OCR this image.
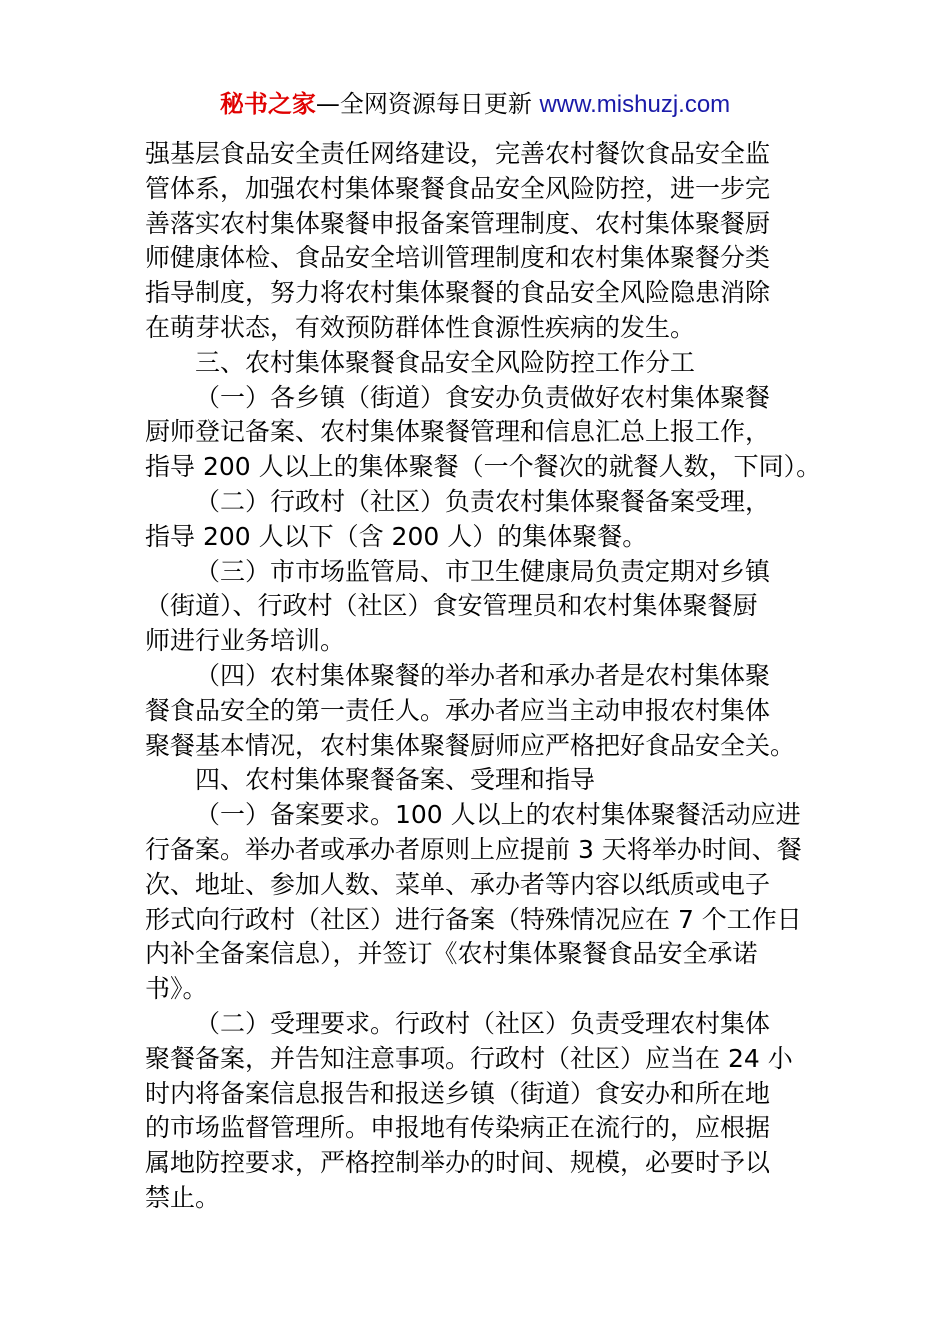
秘书之家—全网资源每日更新 www.mishuzj.com
强基层食品安全责任网络建设，完善农村餐饮食品安全监
管体系，加强农村集体聚餐食品安全风险防控，进一步完
善落实农村集体聚餐申报备案管理制度、农村集体聚餐厨
师健康体检、食品安全培训管理制度和农村集体聚餐分类
指导制度，努力将农村集体聚餐的食品安全风险隐患消除
在萌芽状态，有效预防群体性食源性疾病的发生。
三、农村集体聚餐食品安全风险防控工作分工
（一）各乡镇（街道）食安办负责做好农村集体聚餐
厨师登记备案、农村集体聚餐管理和信息汇总上报工作，
指导 200 人以上的集体聚餐（一个餐次的就餐人数，下同）。
（二）行政村（社区）负责农村集体聚餐备案受理，
指导 200 人以下（含 200 人）的集体聚餐。
（三）市市场监管局、市卫生健康局负责定期对乡镇
（街道）、行政村（社区）食安管理员和农村集体聚餐厨
师进行业务培训。
（四）农村集体聚餐的举办者和承办者是农村集体聚
餐食品安全的第一责任人。承办者应当主动申报农村集体
聚餐基本情况，农村集体聚餐厨师应严格把好食品安全关。
四、农村集体聚餐备案、受理和指导
（一）备案要求。100 人以上的农村集体聚餐活动应进
行备案。举办者或承办者原则上应提前 3 天将举办时间、餐
次、地址、参加人数、菜单、承办者等内容以纸质或电子
形式向行政村（社区）进行备案（特殊情况应在 7 个工作日
内补全备案信息），并签订《农村集体聚餐食品安全承诺
书》。
（二）受理要求。行政村（社区）负责受理农村集体
聚餐备案，并告知注意事项。行政村（社区）应当在 24 小
时内将备案信息报告和报送乡镇（街道）食安办和所在地
的市场监督管理所。申报地有传染病正在流行的，应根据
属地防控要求，严格控制举办的时间、规模，必要时予以
禁止。
